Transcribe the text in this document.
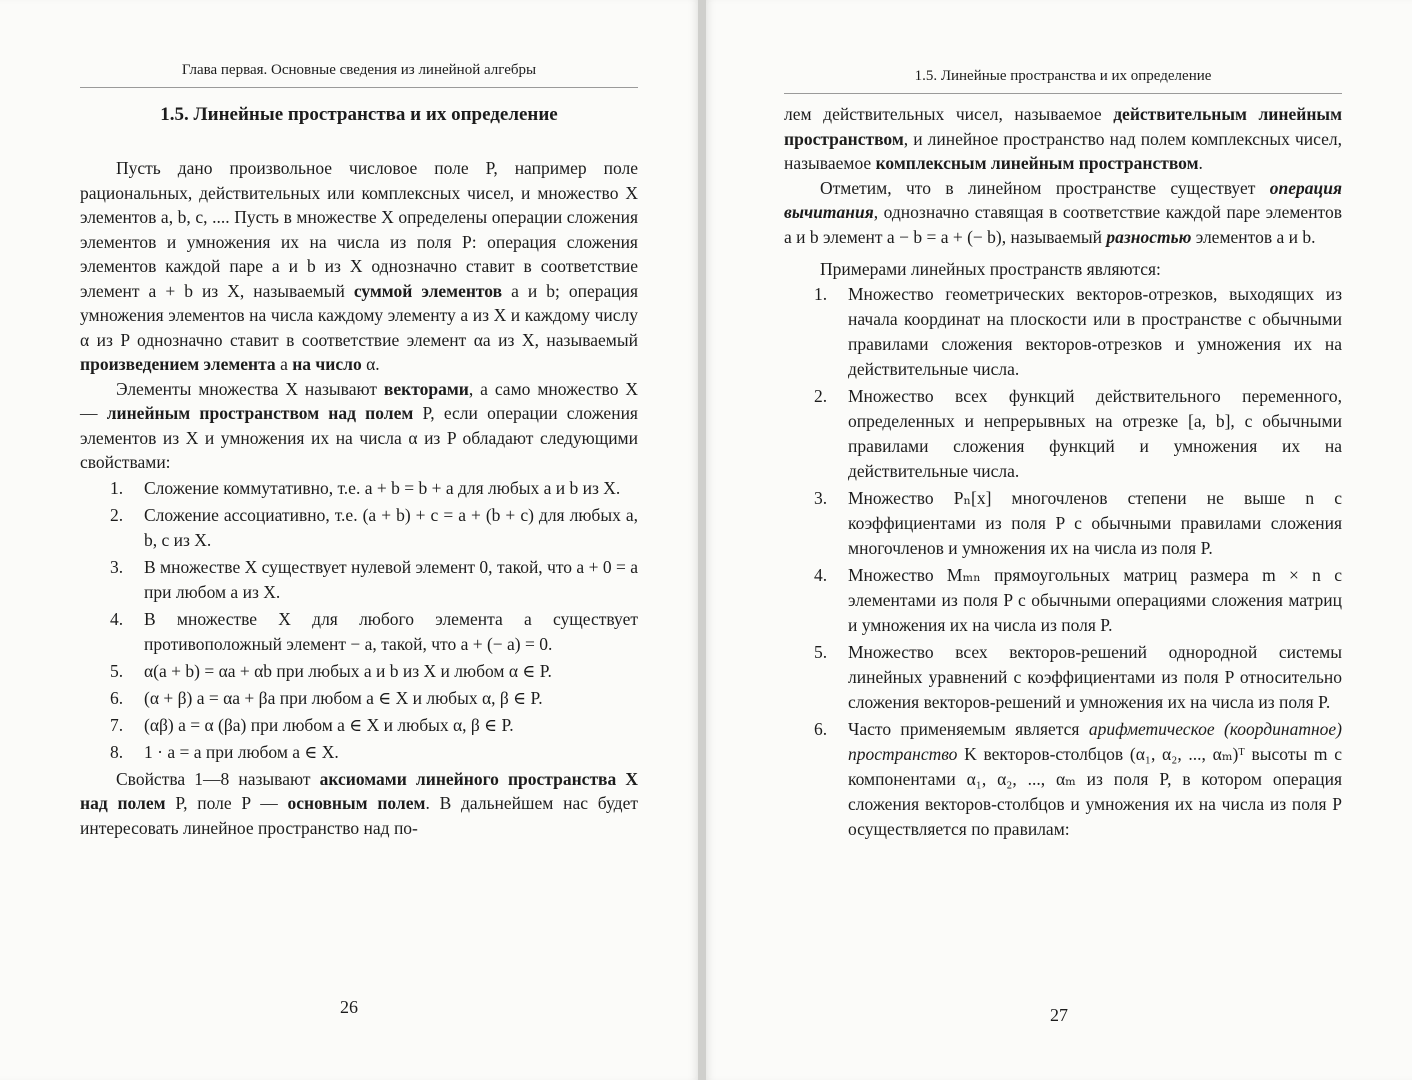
Глава первая. Основные сведения из линейной алгебры
1.5. Линейные пространства и их определение

Пусть дано произвольное числовое поле P, например поле рациональных, действительных или комплексных чисел, и множество X элементов a, b, c, .... Пусть в множестве X определены операции сложения элементов и умножения их на числа из поля P: операция сложения элементов каждой паре a и b из X однозначно ставит в соответствие элемент a + b из X, называемый суммой элементов a и b; операция умножения элементов на числа каждому элементу a из X и каждому числу α из P однозначно ставит в соответствие элемент αa из X, называемый произведением элемента a на число α.

Элементы множества X называют векторами, а само множество X — линейным пространством над полем P, если операции сложения элементов из X и умножения их на числа α из P обладают следующими свойствами:

1. Сложение коммутативно, т.е. a + b = b + a для любых a и b из X.
2. Сложение ассоциативно, т.е. (a + b) + c = a + (b + c) для любых a, b, c из X.
3. В множестве X существует нулевой элемент 0, такой, что a + 0 = a при любом a из X.
4. В множестве X для любого элемента a существует противоположный элемент − a, такой, что a + (− a) = 0.
5. α(a + b) = αa + αb при любых a и b из X и любом α ∈ P.
6. (α + β) a = αa + βa при любом a ∈ X и любых α, β ∈ P.
7. (αβ) a = α (βa) при любом a ∈ X и любых α, β ∈ P.
8. 1 · a = a при любом a ∈ X.

Свойства 1—8 называют аксиомами линейного пространства X над полем P, поле P — основным полем. В дальнейшем нас будет интересовать линейное пространство над по-

26
1.5. Линейные пространства и их определение

лем действительных чисел, называемое действительным линейным пространством, и линейное пространство над полем комплексных чисел, называемое комплексным линейным пространством.

Отметим, что в линейном пространстве существует операция вычитания, однозначно ставящая в соответствие каждой паре элементов a и b элемент a − b = a + (− b), называемый разностью элементов a и b.

Примерами линейных пространств являются:

1. Множество геометрических векторов-отрезков, выходящих из начала координат на плоскости или в пространстве с обычными правилами сложения векторов-отрезков и умножения их на действительные числа.
2. Множество всех функций действительного переменного, определенных и непрерывных на отрезке [a, b], с обычными правилами сложения функций и умножения их на действительные числа.
3. Множество Pₙ[x] многочленов степени не выше n с коэффициентами из поля P с обычными правилами сложения многочленов и умножения их на числа из поля P.
4. Множество Mₘₙ прямоугольных матриц размера m × n с элементами из поля P с обычными операциями сложения матриц и умножения их на числа из поля P.
5. Множество всех векторов-решений однородной системы линейных уравнений с коэффициентами из поля P относительно сложения векторов-решений и умножения их на числа из поля P.
6. Часто применяемым является арифметическое (координатное) пространство K векторов-столбцов (α₁, α₂, ..., αₘ)ᵀ высоты m с компонентами α₁, α₂, ..., αₘ из поля P, в котором операция сложения векторов-столбцов и умножения их на числа из поля P осуществляется по правилам:
27
